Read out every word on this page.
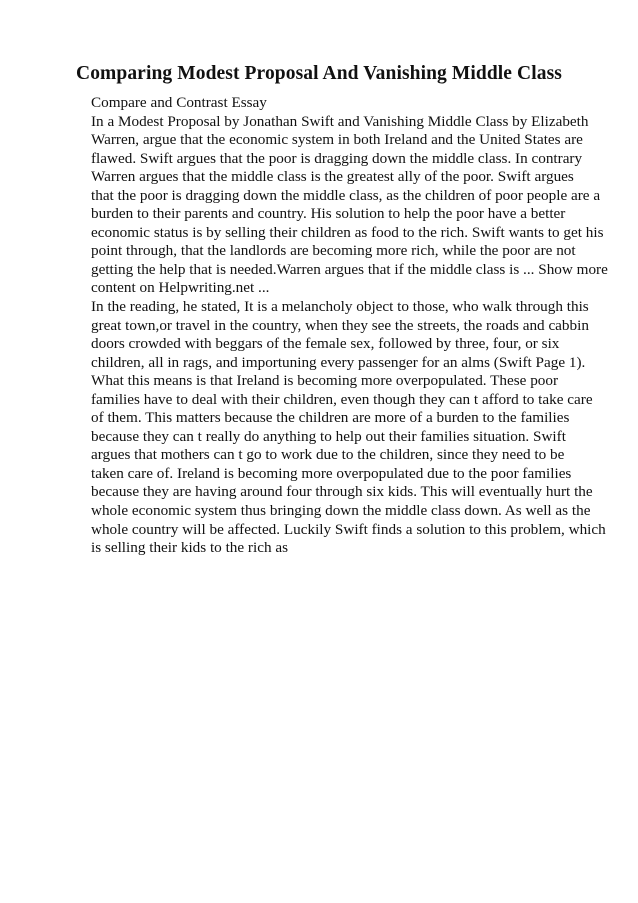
Comparing Modest Proposal And Vanishing Middle Class
Compare and Contrast Essay
In a Modest Proposal by Jonathan Swift and Vanishing Middle Class by Elizabeth
Warren, argue that the economic system in both Ireland and the United States are
flawed. Swift argues that the poor is dragging down the middle class. In contrary
Warren argues that the middle class is the greatest ally of the poor. Swift argues
that the poor is dragging down the middle class, as the children of poor people are a
burden to their parents and country. His solution to help the poor have a better
economic status is by selling their children as food to the rich. Swift wants to get his
point through, that the landlords are becoming more rich, while the poor are not
getting the help that is needed.Warren argues that if the middle class is ... Show more
content on Helpwriting.net ...
In the reading, he stated, It is a melancholy object to those, who walk through this
great town,or travel in the country, when they see the streets, the roads and cabbin
doors crowded with beggars of the female sex, followed by three, four, or six
children, all in rags, and importuning every passenger for an alms (Swift Page 1).
What this means is that Ireland is becoming more overpopulated. These poor
families have to deal with their children, even though they can t afford to take care
of them. This matters because the children are more of a burden to the families
because they can t really do anything to help out their families situation. Swift
argues that mothers can t go to work due to the children, since they need to be
taken care of. Ireland is becoming more overpopulated due to the poor families
because they are having around four through six kids. This will eventually hurt the
whole economic system thus bringing down the middle class down. As well as the
whole country will be affected. Luckily Swift finds a solution to this problem, which
is selling their kids to the rich as
